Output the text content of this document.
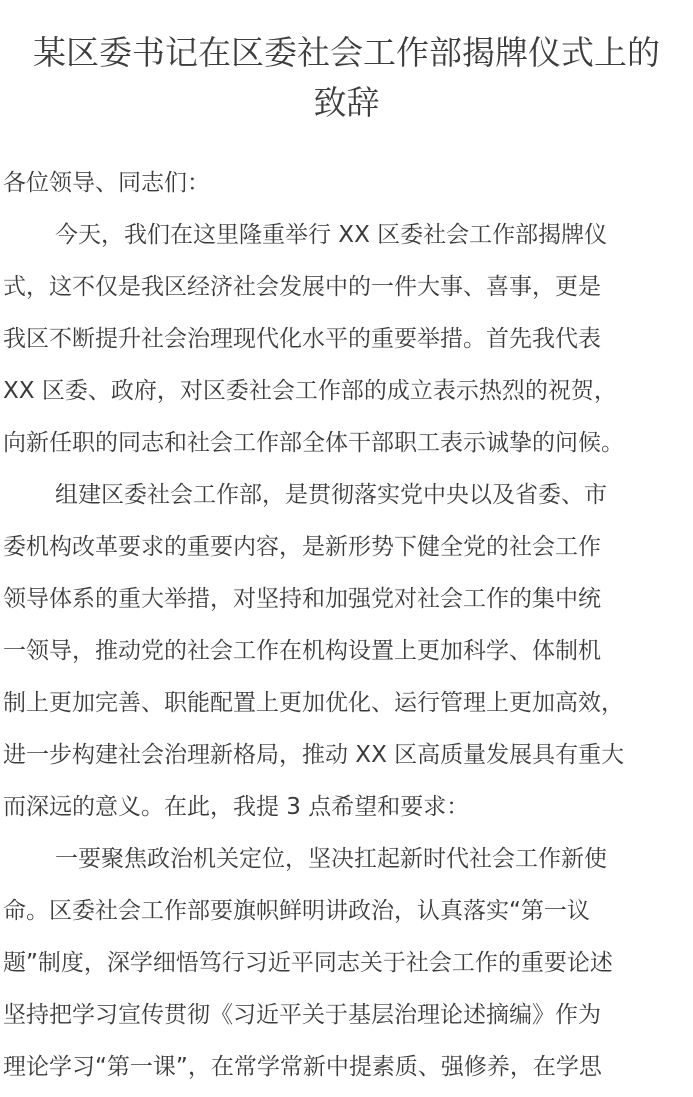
某区委书记在区委社会工作部揭牌仪式上的
致辞
各位领导、同志们：
今天，我们在这里隆重举行 XX 区委社会工作部揭牌仪
式，这不仅是我区经济社会发展中的一件大事、喜事，更是
我区不断提升社会治理现代化水平的重要举措。首先我代表
XX 区委、政府，对区委社会工作部的成立表示热烈的祝贺，
向新任职的同志和社会工作部全体干部职工表示诚挚的问候。
组建区委社会工作部，是贯彻落实党中央以及省委、市
委机构改革要求的重要内容，是新形势下健全党的社会工作
领导体系的重大举措，对坚持和加强党对社会工作的集中统
一领导，推动党的社会工作在机构设置上更加科学、体制机
制上更加完善、职能配置上更加优化、运行管理上更加高效，
进一步构建社会治理新格局，推动 XX 区高质量发展具有重大
而深远的意义。在此，我提 3 点希望和要求：
一要聚焦政治机关定位，坚决扛起新时代社会工作新使
命。区委社会工作部要旗帜鲜明讲政治，认真落实“第一议
题”制度，深学细悟笃行习近平同志关于社会工作的重要论述
坚持把学习宣传贯彻《习近平关于基层治理论述摘编》作为
理论学习“第一课”，在常学常新中提素质、强修养，在学思
